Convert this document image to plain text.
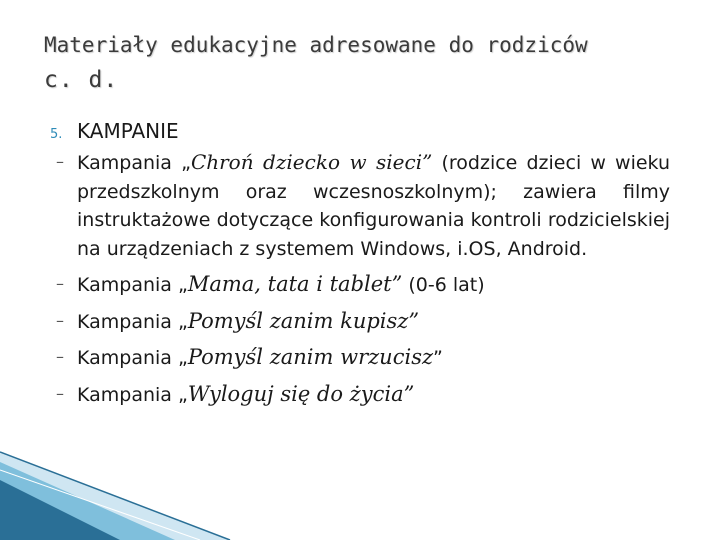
Materiały edukacyjne adresowane do rodziców
c. d.
5. KAMPANIE
– Kampania „Chroń dziecko w sieci” (rodzice dzieci w wieku przedszkolnym oraz wczesnoszkolnym); zawiera filmy instruktażowe dotyczące konfigurowania kontroli rodzicielskiej na urządzeniach z systemem Windows, i.OS, Android.
– Kampania „Mama, tata i tablet” (0-6 lat)
– Kampania „Pomyśl zanim kupisz”
– Kampania „Pomyśl zanim wrzucisz”
– Kampania „Wyloguj się do życia”
